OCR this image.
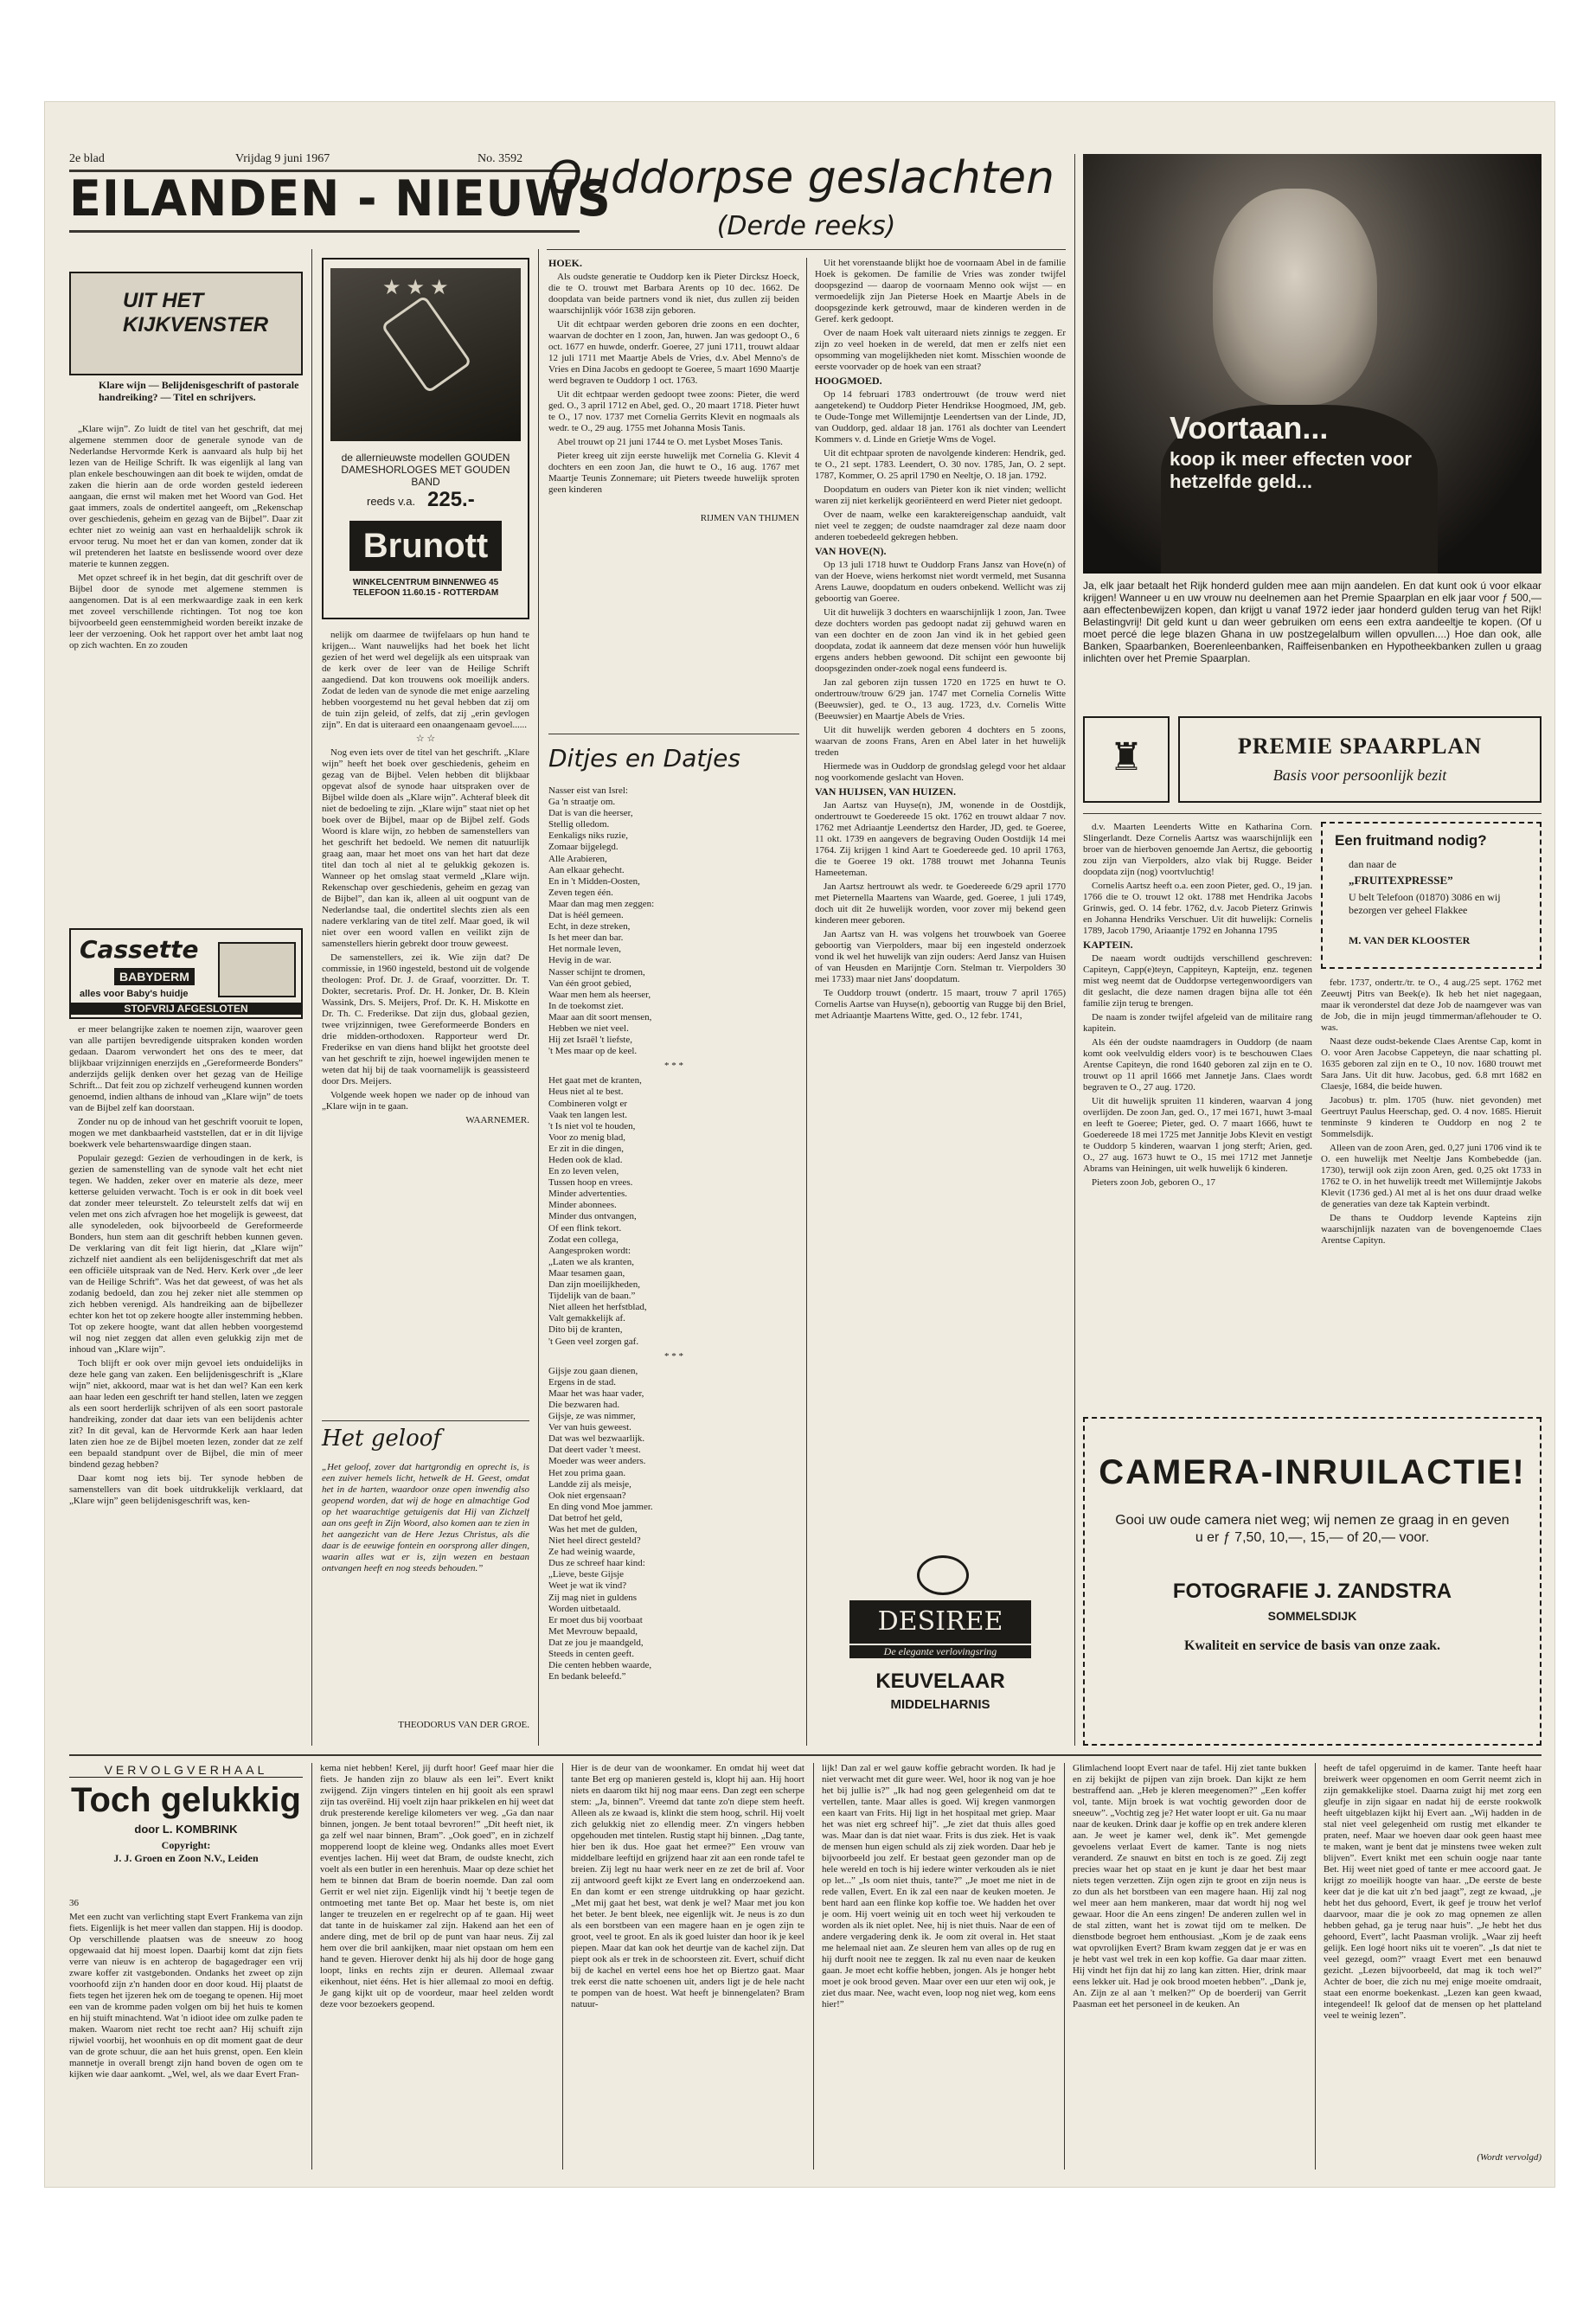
2e blad	Vrijdag 9 juni 1967	No. 3592
EILANDEN - NIEUWS
UIT HET KIJKVENSTER
Klare wijn — Belijdenisgeschrift of pastorale handreiking? — Titel en schrijvers.

„Klare wijn”. Zo luidt de titel van het geschrift, dat mej algemene stemmen door de generale synode van de Nederlandse Hervormde Kerk is aanvaard als hulp bij het lezen van de Heilige Schrift. Ik was eigenlijk al lang van plan enkele beschouwingen aan dit boek te wijden, omdat de zaken die hierin aan de orde worden gesteld iedereen aangaan, die ernst wil maken met het Woord van God. Het gaat immers, zoals de ondertitel aangeeft, om „Rekenschap over geschiedenis, geheim en gezag van de Bijbel”. Daar zit echter niet zo weinig aan vast en herhaaldelijk schrok ik ervoor terug. Nu moet het er dan van komen, zonder dat ik wil pretenderen het laatste en beslissende woord over deze materie te kunnen zeggen.

Met opzet schreef ik in het begin, dat dit geschrift over de Bijbel door de synode met algemene stemmen is aangenomen. Dat is al een merkwaardige zaak in een kerk met zoveel verschillende richtingen. Tot nog toe kon bijvoorbeeld geen eenstemmigheid worden bereikt inzake de leer der verzoening. Ook het rapport over het ambt laat nog op zich wachten. En zo zouden

Cassette
BABYDERM
alles voor Baby's huidje
STOFVRIJ AFGESLOTEN

er meer belangrijke zaken te noemen zijn, waarover geen van alle partijen bevredigende uitspraken konden worden gedaan. Daarom verwondert het ons des te meer, dat blijkbaar vrijzinnigen enerzijds en „Gereformeerde Bonders” anderzijds gelijk denken over het gezag van de Heilige Schrift... Dat feit zou op zichzelf verheugend kunnen worden genoemd, indien althans de inhoud van „Klare wijn” de toets van de Bijbel zelf kan doorstaan.

Zonder nu op de inhoud van het geschrift vooruit te lopen, mogen we met dankbaarheid vaststellen, dat er in dit lijvige boekwerk vele behartenswaardige dingen staan.

Populair gezegd: Gezien de verhoudingen in de kerk, is gezien de samenstelling van de synode valt het echt niet tegen. We hadden, zeker over en materie als deze, meer ketterse geluiden verwacht. Toch is er ook in dit boek veel dat zonder meer teleurstelt. Zo teleurstelt zelfs dat wij en velen met ons zich afvragen hoe het mogelijk is geweest, dat alle synodeleden, ook bijvoorbeeld de Gereformeerde Bonders, hun stem aan dit geschrift hebben kunnen geven. De verklaring van dit feit ligt hierin, dat „Klare wijn” zichzelf niet aandient als een belijdenisgeschrift dat met als een officiële uitspraak van de Ned. Herv. Kerk over „de leer van de Heilige Schrift”. Was het dat geweest, of was het als zodanig bedoeld, dan zou hej zeker niet alle stemmen op zich hebben verenigd. Als handreiking aan de bijbellezer echter kon het tot op zekere hoogte aller instemming hebben. Tot op zekere hoogte, want dat allen hebben voorgestemd wil nog niet zeggen dat allen even gelukkig zijn met de inhoud van „Klare wijn”.

Toch blijft er ook over mijn gevoel iets onduidelijks in deze hele gang van zaken. Een belijdenisgeschrift is „Klare wijn” niet, akkoord, maar wat is het dan wel? Kan een kerk aan haar leden een geschrift ter hand stellen, laten we zeggen als een soort herderlijk schrijven of als een soort pastorale handreiking, zonder dat daar iets van een belijdenis achter zit? In dit geval, kan de Hervormde Kerk aan haar leden laten zien hoe ze de Bijbel moeten lezen, zonder dat ze zelf een bepaald standpunt over de Bijbel, die min of meer bindend gezag hebben?

Daar komt nog iets bij. Ter synode hebben de samenstellers van dit boek uitdrukkelijk verklaard, dat „Klare wijn” geen belijdenisgeschrift was, ken-

★ ★ ★
de allernieuwste modellen GOUDEN DAMESHORLOGES MET GOUDEN BAND
reeds v.a. 225.-
Brunott
WINKELCENTRUM BINNENWEG 45 TELEFOON 11.60.15 - ROTTERDAM

nelijk om daarmee de twijfelaars op hun hand te krijgen... Want nauwelijks had het boek het licht gezien of het werd wel degelijk als een uitspraak van de kerk over de leer van de Heilige Schrift aangediend. Dat kon trouwens ook moeilijk anders. Zodat de leden van de synode die met enige aarzeling hebben voorgestemd nu het geval hebben dat zij om de tuin zijn geleid, of zelfs, dat zij „erin gevlogen zijn”. En dat is uiteraard een onaangenaam gevoel......

☆ ☆

Nog even iets over de titel van het geschrift. „Klare wijn” heeft het boek over geschiedenis, geheim en gezag van de Bijbel. Velen hebben dit blijkbaar opgevat alsof de synode haar uitspraken over de Bijbel wilde doen als „Klare wijn”. Achteraf bleek dit niet de bedoeling te zijn. „Klare wijn” staat niet op het boek over de Bijbel, maar op de Bijbel zelf. Gods Woord is klare wijn, zo hebben de samenstellers van het geschrift het bedoeld. We nemen dit natuurlijk graag aan, maar het moet ons van het hart dat deze titel dan toch al niet al te gelukkig gekozen is. Wanneer op het omslag staat vermeld „Klare wijn. Rekenschap over geschiedenis, geheim en gezag van de Bijbel”, dan kan ik, alleen al uit oogpunt van de Nederlandse taal, die ondertitel slechts zien als een nadere verklaring van de titel zelf. Maar goed, ik wil niet over een woord vallen en veilikt zijn de samenstellers hierin gebrekt door trouw geweest.

De samenstellers, zei ik. Wie zijn dat? De commissie, in 1960 ingesteld, bestond uit de volgende theologen: Prof. Dr. J. de Graaf, voorzitter. Dr. T. Dokter, secretaris. Prof. Dr. H. Jonker, Dr. B. Klein Wassink, Drs. S. Meijers, Prof. Dr. K. H. Miskotte en Dr. Th. C. Frederikse. Dat zijn dus, globaal gezien, twee vrijzinnigen, twee Gereformeerde Bonders en drie midden-orthodoxen. Rapporteur werd Dr. Frederikse en van diens hand blijkt het grootste deel van het geschrift te zijn, hoewel ingewijden menen te weten dat hij bij de taak voornamelijk is geassisteerd door Drs. Meijers.

Volgende week hopen we nader op de inhoud van „Klare wijn in te gaan.

WAARNEMER.

Het geloof
„Het geloof, zover dat hartgrondig en oprecht is, is een zuiver hemels licht, hetwelk de H. Geest, omdat het in de harten, waardoor onze open inwendig also geopend worden, dat wij de hoge en almachtige God op het waarachtige getuigenis dat Hij van Zichzelf aan ons geeft in Zijn Woord, also komen aan te zien in het aangezicht van de Here Jezus Christus, als die daar is de eeuwige fontein en oorsprong aller dingen, waarin alles wat er is, zijn wezen en bestaan ontvangen heeft en nog steeds behouden.”
THEODORUS VAN DER GROE.
Ouddorpse geslachten
(Derde reeks)

HOEK.

Als oudste generatie te Ouddorp ken ik Pieter Dircksz Hoeck, die te O. trouwt met Barbara Arents op 10 dec. 1662. De doopdata van beide partners vond ik niet, dus zullen zij beiden waarschijnlijk vóór 1638 zijn geboren.

Uit dit echtpaar werden geboren drie zoons en een dochter, waarvan de dochter en 1 zoon, Jan, huwen. Jan was gedoopt O., 6 oct. 1677 en huwde, onderfr. Goeree, 27 juni 1711, trouwt aldaar 12 juli 1711 met Maartje Abels de Vries, d.v. Abel Menno's de Vries en Dina Jacobs en gedoopt te Goeree, 5 maart 1690 Maartje werd begraven te Ouddorp 1 oct. 1763.

Uit dit echtpaar werden gedoopt twee zoons: Pieter, die werd ged. O., 3 april 1712 en Abel, ged. O., 20 maart 1718. Pieter huwt te O., 17 nov. 1737 met Cornelia Gerrits Klevit en nogmaals als wedr. te O., 29 aug. 1755 met Johanna Mosis Tanis.

Abel trouwt op 21 juni 1744 te O. met Lysbet Moses Tanis.

Pieter kreeg uit zijn eerste huwelijk met Cornelia G. Klevit 4 dochters en een zoon Jan, die huwt te O., 16 aug. 1767 met Maartje Teunis Zonnemare; uit Pieters tweede huwelijk sproten geen kinderen

RIJMEN VAN THIJMEN

Ditjes en Datjes
Nasser eist van Isrel:
Ga 'n straatje om.
Dat is van die heerser,
Stellig olledom.
Eenkaligs niks ruzie,
Zomaar bijgelegd.
Alle Arabieren,
Aan elkaar gehecht.
En in 't Midden-Oosten,
Zeven tegen één.
Maar dan mag men zeggen:
Dat is héél gemeen.
Echt, in deze streken,
Is het meer dan bar.
Het normale leven,
Hevig in de war.
Nasser schijnt te dromen,
Van één groot gebied,
Waar men hem als heerser,
In de toekomst ziet.
Maar aan dit soort mensen,
Hebben we niet veel.
Hij zet Israël 't liefste,
't Mes maar op de keel.
* * *
Het gaat met de kranten,
Heus niet al te best.
Combineren volgt er
Vaak ten langen lest.
't Is niet vol te houden,
Voor zo menig blad,
Er zit in die dingen,
Heden ook de klad.
En zo leven velen,
Tussen hoop en vrees.
Minder advertenties.
Minder abonnees.
Minder dus ontvangen,
Of een flink tekort.
Zodat een collega,
Aangesproken wordt:
„Laten we als kranten,
Maar tesamen gaan,
Dan zijn moeilijkheden,
Tijdelijk van de baan.”
Niet alleen het herfstblad,
Valt gemakkelijk af.
Dito bij de kranten,
't Geen veel zorgen gaf.
* * *
Gijsje zou gaan dienen,
Ergens in de stad.
Maar het was haar vader,
Die bezwaren had.
Gijsje, ze was nimmer,
Ver van huis geweest.
Dat was wel bezwaarlijk.
Dat deert vader 't meest.
Moeder was weer anders.
Het zou prima gaan.
Landde zij als meisje,
Ook niet ergensaan?
En ding vond Moe jammer.
Dat betrof het geld,
Was het met de gulden,
Niet heel direct gesteld?
Ze had weinig waarde,
Dus ze schreef haar kind:
„Lieve, beste Gijsje
Weet je wat ik vind?
Zij mag niet in guldens
Worden uitbetaald.
Er moet dus bij voorbaat
Met Mevrouw bepaald,
Dat ze jou je maandgeld,
Steeds in centen geeft.
Die centen hebben waarde,
En bedank beleefd.”

Uit het vorenstaande blijkt hoe de voornaam Abel in de familie Hoek is gekomen. De familie de Vries was zonder twijfel doopsgezind — daarop de voornaam Menno ook wijst — en vermoedelijk zijn Jan Pieterse Hoek en Maartje Abels in de doopsgezinde kerk getrouwd, maar de kinderen werden in de Geref. kerk gedoopt.

Over de naam Hoek valt uiteraard niets zinnigs te zeggen. Er zijn zo veel hoeken in de wereld, dat men er zelfs niet een opsomming van mogelijkheden niet komt. Misschien woonde de eerste voorvader op de hoek van een straat?

HOOGMOED.

Op 14 februari 1783 ondertrouwt (de trouw werd niet aangetekend) te Ouddorp Pieter Hendrikse Hoogmoed, JM, geb. te Oude-Tonge met Willemijntje Leendertsen van der Linde, JD, van Ouddorp, ged. aldaar 18 jan. 1761 als dochter van Leendert Kommers v. d. Linde en Grietje Wms de Vogel.

Uit dit echtpaar sproten de navolgende kinderen: Hendrik, ged. te O., 21 sept. 1783. Leendert, O. 30 nov. 1785, Jan, O. 2 sept. 1787, Kommer, O. 25 april 1790 en Neeltje, O. 18 jan. 1792.

Doopdatum en ouders van Pieter kon ik niet vinden; wellicht waren zij niet kerkelijk georiënteerd en werd Pieter niet gedoopt.

Over de naam, welke een karaktereigenschap aanduidt, valt niet veel te zeggen; de oudste naamdrager zal deze naam door anderen toebedeeld gekregen hebben.

VAN HOVE(N).

Op 13 juli 1718 huwt te Ouddorp Frans Jansz van Hove(n) of van der Hoeve, wiens herkomst niet wordt vermeld, met Susanna Arens Lauwe, doopdatum en ouders onbekend. Wellicht was zij geboortig van Goeree.

Uit dit huwelijk 3 dochters en waarschijnlijk 1 zoon, Jan. Twee deze dochters worden pas gedoopt nadat zij gehuwd waren en van een dochter en de zoon Jan vind ik in het gebied geen doopdata, zodat ik aanneem dat deze mensen vóór hun huwelijk ergens anders hebben gewoond. Dit schijnt een gewoonte bij doopsgezinden onder-zoek nogal eens fundeerd is.

Jan zal geboren zijn tussen 1720 en 1725 en huwt te O. ondertrouw/trouw 6/29 jan. 1747 met Cornelia Cornelis Witte (Beeuwsier), ged. te O., 13 aug. 1723, d.v. Cornelis Witte (Beeuwsier) en Maartje Abels de Vries.

Uit dit huwelijk werden geboren 4 dochters en 5 zoons, waarvan de zoons Frans, Aren en Abel later in het huwelijk treden

Hiermede was in Ouddorp de grondslag gelegd voor het aldaar nog voorkomende geslacht van Hoven.

VAN HUIJSEN, VAN HUIZEN.

Jan Aartsz van Huyse(n), JM, wonende in de Oostdijk, ondertrouwt te Goedereede 15 okt. 1762 en trouwt aldaar 7 nov. 1762 met Adriaantje Leendertsz den Harder, JD, ged. te Goeree, 11 okt. 1739 en aangevers de begraving Ouden Oostdijk 14 mei 1764. Zij krijgen 1 kind Aart te Goedereede ged. 10 april 1763, die te Goeree 19 okt. 1788 trouwt met Johanna Teunis Hameeteman.

Jan Aartsz hertrouwt als wedr. te Goedereede 6/29 april 1770 met Pieternella Maartens van Waarde, ged. Goeree, 1 juli 1749, doch uit dit 2e huwelijk worden, voor zover mij bekend geen kinderen meer geboren.

Jan Aartsz van H. was volgens het trouwboek van Goeree geboortig van Vierpolders, maar bij een ingesteld onderzoek vond ik wel het huwelijk van zijn ouders: Aerd Jansz van Huisen of van Heusden en Marijntje Corn. Stelman tr. Vierpolders 30 mei 1733) maar niet Jans' doopdatum.

Te Ouddorp trouwt (ondertr. 15 maart, trouw 7 april 1765) Cornelis Aartse van Huyse(n), geboortig van Rugge bij den Briel, met Adriaantje Maartens Witte, ged. O., 12 febr. 1741,

DESIREE
De elegante verlovingsring
KEUVELAAR
MIDDELHARNIS
Voortaan...
koop ik meer effecten voor hetzelfde geld...
Ja, elk jaar betaalt het Rijk honderd gulden mee aan mijn aandelen. En dat kunt ook ú voor elkaar krijgen! Wanneer u en uw vrouw nu deelnemen aan het Premie Spaarplan en elk jaar voor ƒ 500,— aan effectenbewijzen kopen, dan krijgt u vanaf 1972 ieder jaar honderd gulden terug van het Rijk! Belastingvrij! Dit geld kunt u dan weer gebruiken om eens een extra aandeeltje te kopen. (Of u moet percé die lege blazen Ghana in uw postzegelalbum willen opvullen....) Hoe dan ook, alle Banken, Spaarbanken, Boerenleenbanken, Raiffeisenbanken en Hypotheekbanken zullen u graag inlichten over het Premie Spaarplan.
♜	PREMIE SPAARPLAN
Basis voor persoonlijk bezit

d.v. Maarten Leenderts Witte en Katharina Corn. Slingerlandt. Deze Cornelis Aartsz was waarschijnlijk een broer van de hierboven genoemde Jan Aertsz, die geboortig zou zijn van Vierpolders, alzo vlak bij Rugge. Beider doopdata zijn (nog) voortvluchtig!

Cornelis Aartsz heeft o.a. een zoon Pieter, ged. O., 19 jan. 1766 die te O. trouwt 12 okt. 1788 met Hendrika Jacobs Grinwis, ged. O. 14 febr. 1762, d.v. Jacob Pieterz Grinwis en Johanna Hendriks Verschuer. Uit dit huwelijk: Cornelis 1789, Jacob 1790, Ariaantje 1792 en Johanna 1795

KAPTEIN.

De naeam wordt oudtijds verschillend geschreven: Capiteyn, Capp(e)teyn, Cappiteyn, Kapteijn, enz. tegenen mist weg neemt dat de Ouddorpse vertegenwoordigers van dit geslacht, die deze namen dragen bijna alle tot één familie zijn terug te brengen.

De naam is zonder twijfel afgeleid van de militaire rang kapitein.

Als één der oudste naamdragers in Ouddorp (de naam komt ook veelvuldig elders voor) is te beschouwen Claes Arentse Capiteyn, die rond 1640 geboren zal zijn en te O. trouwt op 11 april 1666 met Jannetje Jans. Claes wordt begraven te O., 27 aug. 1720.

Uit dit huwelijk spruiten 11 kinderen, waarvan 4 jong overlijden. De zoon Jan, ged. O., 17 mei 1671, huwt 3-maal en leeft te Goeree; Pieter, ged. O. 7 maart 1666, huwt te Goedereede 18 mei 1725 met Jannitje Jobs Klevit en vestigt te Ouddorp 5 kinderen, waarvan 1 jong sterft; Arien, ged. O., 27 aug. 1673 huwt te O., 15 mei 1712 met Jannetje Abrams van Heiningen, uit welk huwelijk 6 kinderen.

Pieters zoon Job, geboren O., 17

Een fruitmand nodig?
dan naar de
„FRUITEXPRESSE”
U belt Telefoon (01870) 3086 en wij bezorgen ver geheel Flakkee
M. VAN DER KLOOSTER

febr. 1737, ondertr./tr. te O., 4 aug./25 sept. 1762 met Zeeuwtj Pitrs van Beek(e). Ik heb het niet nagegaan, maar ik veronderstel dat deze Job de naamgever was van de Job, die in mijn jeugd timmerman/aflehouder te O. was.

Naast deze oudst-bekende Claes Arentse Cap, komt in O. voor Aren Jacobse Cappeteyn, die naar schatting pl. 1635 geboren zal zijn en te O., 10 nov. 1680 trouwt met Sara Jans. Uit dit huw. Jacobus, ged. 6.8 mrt 1682 en Claesje, 1684, die beide huwen.

Jacobus) tr. plm. 1705 (huw. niet gevonden) met Geertruyt Paulus Heerschap, ged. O. 4 nov. 1685. Hieruit tenminste 9 kinderen te Ouddorp en nog 2 te Sommelsdijk.

Alleen van de zoon Aren, ged. 0,27 juni 1706 vind ik te O. een huwelijk met Neeltje Jans Kombebedde (jan. 1730), terwijl ook zijn zoon Aren, ged. 0,25 okt 1733 in 1762 te O. in het huwelijk treedt met Willemijntje Jakobs Klevit (1736 ged.) Al met al is het ons duur draad welke de generaties van deze tak Kaptein verbindt.

De thans te Ouddorp levende Kapteins zijn waarschijnlijk nazaten van de bovengenoemde Claes Arentse Capityn.

CAMERA-INRUILACTIE!
Gooi uw oude camera niet weg; wij nemen ze graag in en geven u er ƒ 7,50, 10,—, 15,— of 20,— voor.
FOTOGRAFIE J. ZANDSTRA
SOMMELSDIJK
Kwaliteit en service de basis van onze zaak.
VERVOLGVERHAAL
Toch gelukkig
door L. KOMBRINK
Copyright:
J. J. Groen en Zoon N.V., Leiden
36
Met een zucht van verlichting stapt Evert Frankema van zijn fiets. Eigenlijk is het meer vallen dan stappen. Hij is doodop. Op verschillende plaatsen was de sneeuw zo hoog opgewaaid dat hij moest lopen. Daarbij komt dat zijn fiets verre van nieuw is en achterop de bagagedrager een vrij zware koffer zit vastgebonden. Ondanks het zweet op zijn voorhoofd zijn z'n handen door en door koud. Hij plaatst de fiets tegen het ijzeren hek om de toegang te openen. Hij moet een van de kromme paden volgen om bij het huis te komen en hij stuift minachtend. Wat 'n idioot idee om zulke paden te maken. Waarom niet recht toe recht aan? Hij schuift zijn rijwiel voorbij, het woonhuis en op dit moment gaat de deur van de grote schuur, die aan het huis grenst, open. Een klein mannetje in overall brengt zijn hand boven de ogen om te kijken wie daar aankomt. „Wel, wel, als we daar Evert Fran-
kema niet hebben! Kerel, jij durft hoor! Geef maar hier die fiets. Je handen zijn zo blauw als een lei”. Evert knikt zwijgend. Zijn vingers tintelen en hij gooit als een sprawl zijn tas overëind. Hij voelt zijn haar prikkelen en hij weet dat druk presterende kerelige kilometers ver weg. „Ga dan naar binnen, jongen. Je bent totaal bevroren!” „Dit heeft niet, ik ga zelf wel naar binnen, Bram”. „Ook goed”, en in zichzelf mopperend loopt de kleine weg. Ondanks alles moet Evert eventjes lachen. Hij weet dat Bram, de oudste knecht, zich voelt als een butler in een herenhuis. Maar op deze schiet het hem te binnen dat Bram de boerin noemde. Dan zal oom Gerrit er wel niet zijn. Eigenlijk vindt hij 't beetje tegen de ontmoeting met tante Bet op. Maar het beste is, om niet langer te treuzelen en er regelrecht op af te gaan. Hij weet dat tante in de huiskamer zal zijn. Hakend aan het een of andere ding, met de bril op de punt van haar neus. Zij zal hem over die bril aankijken, maar niet opstaan om hem een hand te geven. Hierover denkt hij als hij door de hoge gang loopt, links en rechts zijn er deuren. Allemaal zwaar eikenhout, niet ééns. Het is hier allemaal zo mooi en deftig. Je gang kijkt uit op de voordeur, maar heel zelden wordt deze voor bezoekers geopend.
Hier is de deur van de woonkamer. En omdat hij weet dat tante Bet erg op manieren gesteld is, klopt hij aan. Hij hoort niets en daarom tikt hij nog maar eens. Dan zegt een scherpe stem: „Ja, binnen”. Vreemd dat tante zo'n diepe stem heeft. Alleen als ze kwaad is, klinkt die stem hoog, schril. Hij voelt zich gelukkig niet zo ellendig meer. Z'n vingers hebben opgehouden met tintelen. Rustig stapt hij binnen. „Dag tante, hier ben ik dus. Hoe gaat het ermee?” Een vrouw van middelbare leeftijd en grijzend haar zit aan een ronde tafel te breien. Zij legt nu haar werk neer en ze zet de bril af. Voor zij antwoord geeft kijkt ze Evert lang en onderzoekend aan. En dan komt er een strenge uitdrukking op haar gezicht. „Met mij gaat het best, wat denk je wel? Maar met jou kon het beter. Je bent bleek, nee eigenlijk wit. Je neus is zo dun als een borstbeen van een magere haan en je ogen zijn te groot, veel te groot. En als ik goed luister dan hoor ik je keel piepen. Maar dat kan ook het deurtje van de kachel zijn. Dat piept ook als er trek in de schoorsteen zit. Evert, schuif dicht bij de kachel en vertel eens hoe het op Biertzo gaat. Maar trek eerst die natte schoenen uit, anders ligt je de hele nacht te pompen van de hoest. Wat heeft je binnengelaten? Bram natuur-
lijk! Dan zal er wel gauw koffie gebracht worden. Ik had je niet verwacht met dit gure weer. Wel, hoor ik nog van je hoe het bij jullie is?” „Ik had nog geen gelegenheid om dat te vertellen, tante. Maar alles is goed. Wij kregen vanmorgen een kaart van Frits. Hij ligt in het hospitaal met griep. Maar het was niet erg schreef hij”. „Je ziet dat thuis alles goed was. Maar dan is dat niet waar. Frits is dus ziek. Het is vaak de mensen hun eigen schuld als zij ziek worden. Daar heb je bijvoorbeeld jou zelf. Er bestaat geen gezonder man op de hele wereld en toch is hij iedere winter verkouden als ie niet op let...” „Is oom niet thuis, tante?” „Je moet me niet in de rede vallen, Evert. En ik zal een naar de keuken moeten. Je bent hard aan een flinke kop koffie toe. We hadden het over je oom. Hij voert weinig uit en toch weet hij verkouden te worden als ik niet oplet. Nee, hij is niet thuis. Naar de een of andere vergadering denk ik. Je oom zit overal in. Het staat me helemaal niet aan. Ze sleuren hem van alles op de rug en hij durft nooit nee te zeggen. Ik zal nu even naar de keuken gaan. Je moet echt koffie hebben, jongen. Als je honger hebt moet je ook brood geven. Maar over een uur eten wij ook, je ziet dus maar. Nee, wacht even, loop nog niet weg, kom eens hier!”
Glimlachend loopt Evert naar de tafel. Hij ziet tante bukken en zij bekijkt de pijpen van zijn broek. Dan kijkt ze hem bestraffend aan. „Heb je kleren meegenomen?” „Een koffer vol, tante. Mijn broek is wat vochtig geworden door de sneeuw”. „Vochtig zeg je? Het water loopt er uit. Ga nu maar naar de keuken. Drink daar je koffie op en trek andere kleren aan. Je weet je kamer wel, denk ik”. Met gemengde gevoelens verlaat Evert de kamer. Tante is nog niets veranderd. Ze snauwt en bitst en toch is ze goed. Zij zegt precies waar het op staat en je kunt je daar het best maar niets tegen verzetten. Zijn ogen zijn te groot en zijn neus is zo dun als het borstbeen van een magere haan. Hij zal nog wel meer aan hem mankeren, maar dat wordt hij nog wel gewaar. Hoor die An eens zingen! De anderen zullen wel in de stal zitten, want het is zowat tijd om te melken. De dienstbode begroet hem enthousiast. „Kom je de zaak eens wat opvrolijken Evert? Bram kwam zeggen dat je er was en je hebt vast wel trek in een kop koffie. Ga daar maar zitten. Hij vindt het fijn dat hij zo lang kan zitten. Hier, drink maar eens lekker uit. Had je ook brood moeten hebben”. „Dank je, An. Zijn ze al aan 't melken?” Op de boerderij van Gerrit Paasman eet het personeel in de keuken. An
heeft de tafel opgeruimd in de kamer. Tante heeft haar breiwerk weer opgenomen en oom Gerrit neemt zich in zijn gemakkelijke stoel. Daarna zuigt hij met zorg een gleufje in zijn sigaar en nadat hij de eerste rookwolk heeft uitgeblazen kijkt hij Evert aan. „Wij hadden in de stal niet veel gelegenheid om rustig met elkander te praten, neef. Maar we hoeven daar ook geen haast mee te maken, want je bent dat je minstens twee weken zult blijven”. Evert knikt met een schuin oogje naar tante Bet. Hij weet niet goed of tante er mee accoord gaat. Je krijgt zo moeilijk hoogte van haar. „De eerste de beste keer dat je die kat uit z'n bed jaagt”, zegt ze kwaad, „je hebt het dus gehoord, Evert, ik geef je trouw het verlof daarvoor, maar die je ook zo mag opnemen ze allen hebben gehad, ga je terug naar huis”. „Je hebt het dus gehoord, Evert”, lacht Paasman vrolijk. „Waar zij heeft gelijk. Een logé hoort niks uit te voeren”. „Is dat niet te veel gezegd, oom?” vraagt Evert met een benauwd gezicht. „Lezen bijvoorbeeld, dat mag ik toch wel?” Achter de boer, die zich nu mej enige moeite omdraait, staat een enorme boekenkast. „Lezen kan geen kwaad, integendeel! Ik geloof dat de mensen op het platteland veel te weinig lezen”.
(Wordt vervolgd)
